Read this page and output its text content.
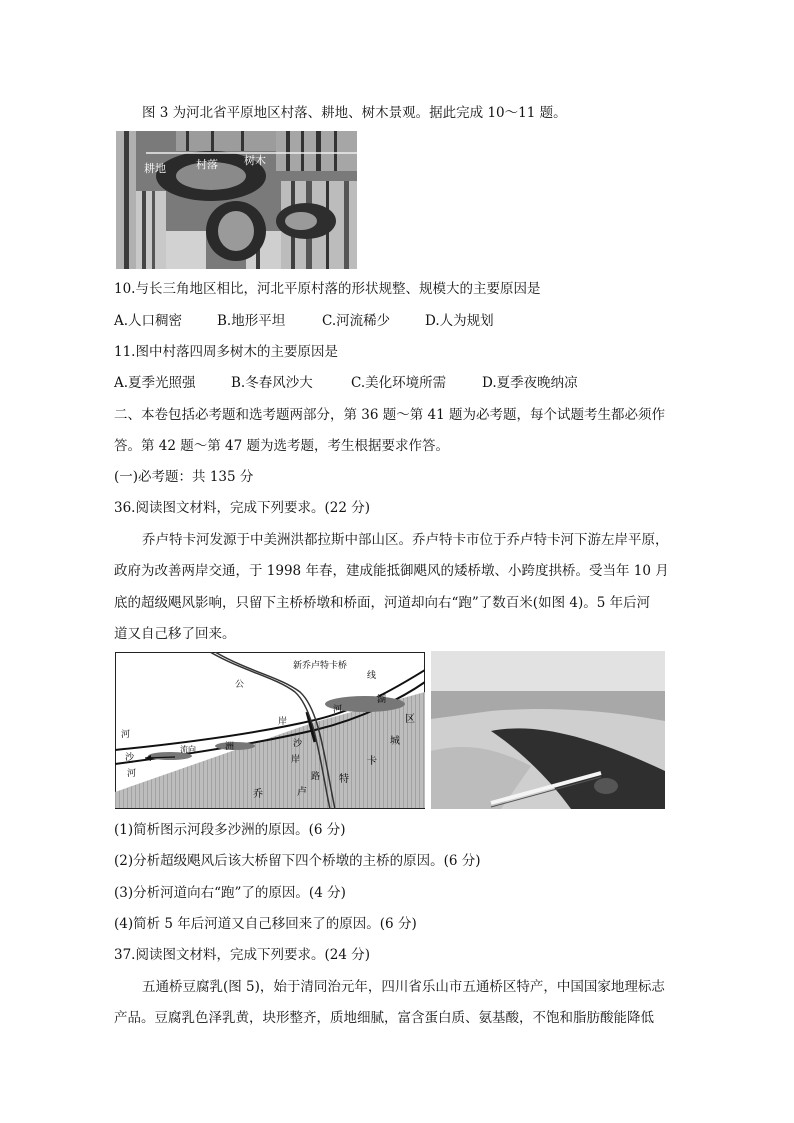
图 3 为河北省平原地区村落、耕地、树木景观。据此完成 10～11 题。
耕地	村落 树木
10.与长三角地区相比，河北平原村落的形状规整、规模大的主要原因是
A.人口稠密	B.地形平坦	C.河流稀少	D.人为规划
11.图中村落四周多树木的主要原因是
A.夏季光照强	B.冬春风沙大	C.美化环境所需	D.夏季夜晚纳凉
二、本卷包括必考题和选考题两部分，第 36 题～第 41 题为必考题，每个试题考生都必须作
答。第 42 题～第 47 题为选考题，考生根据要求作答。
(一)必考题：共 135 分
36.阅读图文材料，完成下列要求。(22 分)
乔卢特卡河发源于中美洲洪都拉斯中部山区。乔卢特卡市位于乔卢特卡河下游左岸平原，
政府为改善两岸交通，于 1998 年春，建成能抵御飓风的矮桥墩、小跨度拱桥。受当年 10 月
底的超级飓风影响，只留下主桥桥墩和桥面，河道却向右“跑”了数百米(如图 4)。5 年后河
道又自己移了回来。
新乔卢特卡桥
公
路
线
湖
河
河
沙
河
洲
流向
岸
沙
岸
区
城
卡
特
卢
乔
(1)简析图示河段多沙洲的原因。(6 分)
(2)分析超级飓风后该大桥留下四个桥墩的主桥的原因。(6 分)
(3)分析河道向右“跑”了的原因。(4 分)
(4)简析 5 年后河道又自己移回来了的原因。(6 分)
37.阅读图文材料，完成下列要求。(24 分)
五通桥豆腐乳(图 5)，始于清同治元年，四川省乐山市五通桥区特产，中国国家地理标志
产品。豆腐乳色泽乳黄，块形整齐，质地细腻，富含蛋白质、氨基酸，不饱和脂肪酸能降低
